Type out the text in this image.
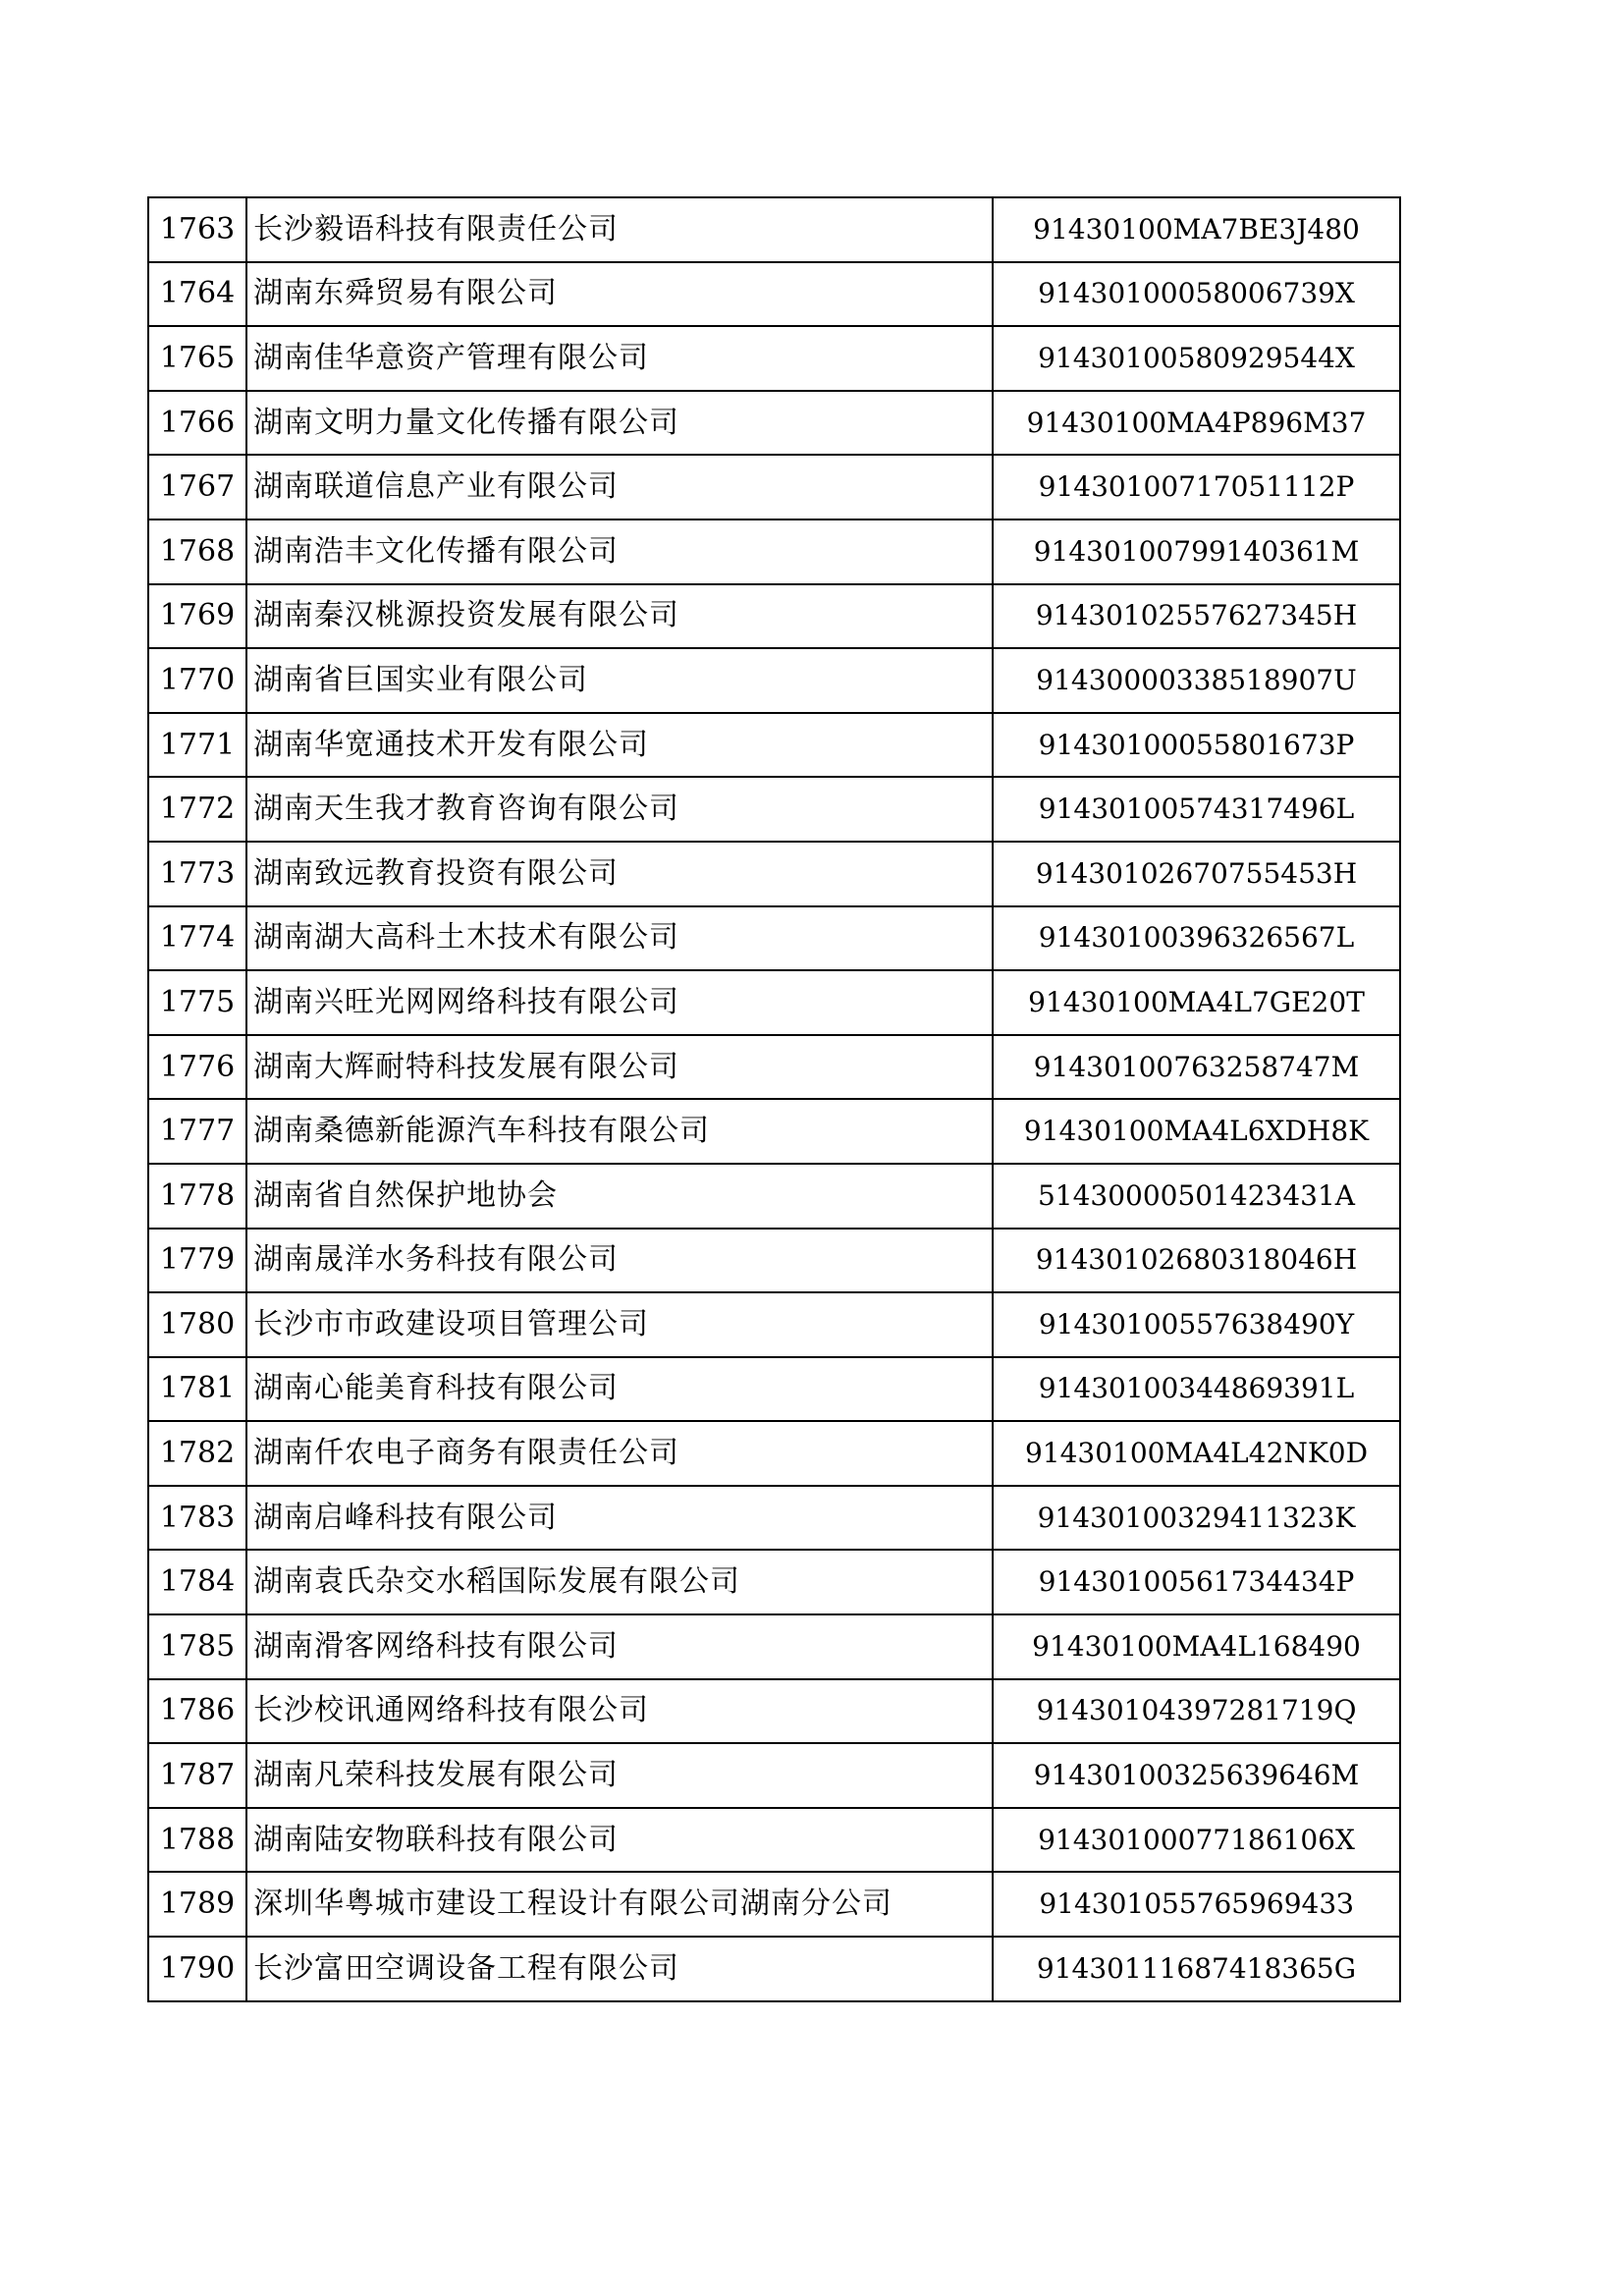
1763	长沙毅语科技有限责任公司	91430100MA7BE3J480
1764	湖南东舜贸易有限公司	91430100058006739X
1765	湖南佳华意资产管理有限公司	91430100580929544X
1766	湖南文明力量文化传播有限公司	91430100MA4P896M37
1767	湖南联道信息产业有限公司	91430100717051112P
1768	湖南浩丰文化传播有限公司	91430100799140361M
1769	湖南秦汉桃源投资发展有限公司	91430102557627345H
1770	湖南省巨国实业有限公司	91430000338518907U
1771	湖南华宽通技术开发有限公司	91430100055801673P
1772	湖南天生我才教育咨询有限公司	91430100574317496L
1773	湖南致远教育投资有限公司	91430102670755453H
1774	湖南湖大高科土木技术有限公司	91430100396326567L
1775	湖南兴旺光网网络科技有限公司	91430100MA4L7GE20T
1776	湖南大辉耐特科技发展有限公司	91430100763258747M
1777	湖南桑德新能源汽车科技有限公司	91430100MA4L6XDH8K
1778	湖南省自然保护地协会	51430000501423431A
1779	湖南晟洋水务科技有限公司	91430102680318046H
1780	长沙市市政建设项目管理公司	91430100557638490Y
1781	湖南心能美育科技有限公司	91430100344869391L
1782	湖南仟农电子商务有限责任公司	91430100MA4L42NK0D
1783	湖南启峰科技有限公司	91430100329411323K
1784	湖南袁氏杂交水稻国际发展有限公司	91430100561734434P
1785	湖南滑客网络科技有限公司	91430100MA4L168490
1786	长沙校讯通网络科技有限公司	91430104397281719Q
1787	湖南凡荣科技发展有限公司	91430100325639646M
1788	湖南陆安物联科技有限公司	91430100077186106X
1789	深圳华粤城市建设工程设计有限公司湖南分公司	91430105576596943З
1790	长沙富田空调设备工程有限公司	91430111687418365G
